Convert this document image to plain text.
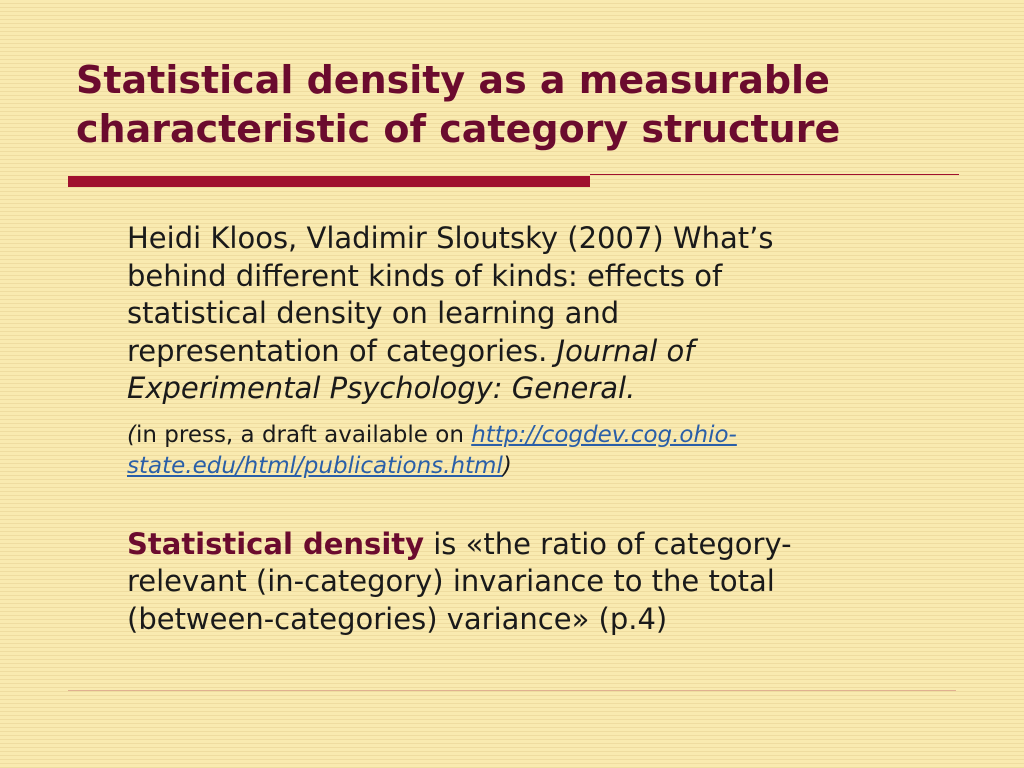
Statistical density as a measurable
characteristic of category structure

Heidi Kloos, Vladimir Sloutsky (2007) What’s
behind different kinds of kinds: effects of
statistical density on learning and
representation of categories. Journal of
Experimental Psychology: General.

(in press, a draft available on http://cogdev.cog.ohio-
state.edu/html/publications.html)

Statistical density is «the ratio of category-
relevant (in-category) invariance to the total
(between-categories) variance» (p.4)
